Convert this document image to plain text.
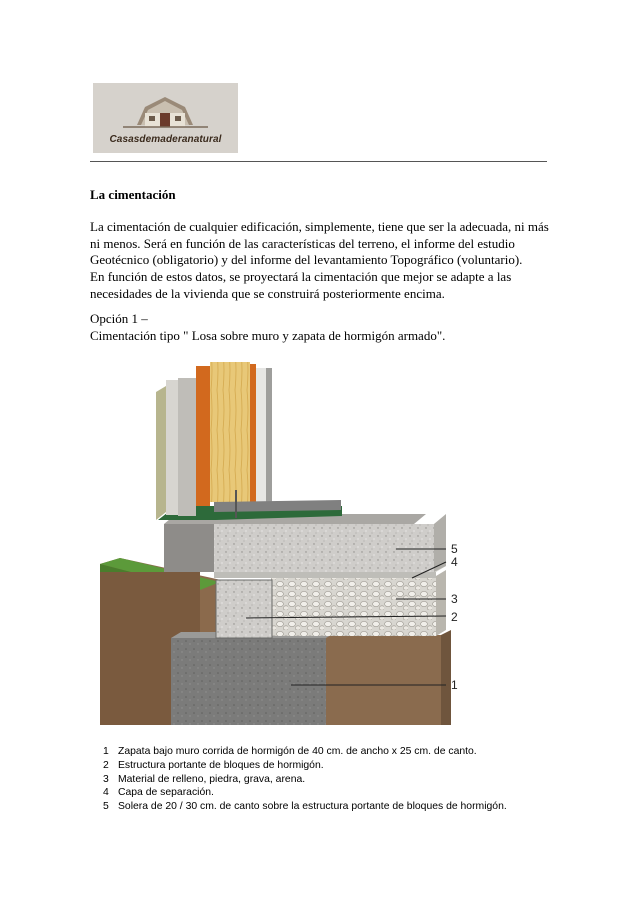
Casasdemaderanatural
La cimentación
La cimentación de cualquier edificación, simplemente, tiene que ser la adecuada, ni más
ni menos. Será en función de las características del terreno, el informe del estudio
Geotécnico (obligatorio) y del informe del levantamiento Topográfico (voluntario).
En función de estos datos, se proyectará la cimentación que mejor se adapte a las
necesidades de la vivienda que se construirá posteriormente encima.
Opción 1 –
Cimentación tipo " Losa sobre muro y zapata de hormigón armado".
5
4
3
2
1
1 Zapata bajo muro corrida de hormigón de 40 cm. de ancho x 25 cm. de canto.
2 Estructura portante de bloques de hormigón.
3 Material de relleno, piedra, grava, arena.
4 Capa de separación.
5 Solera de 20 / 30 cm. de canto sobre la estructura portante de bloques de hormigón.
